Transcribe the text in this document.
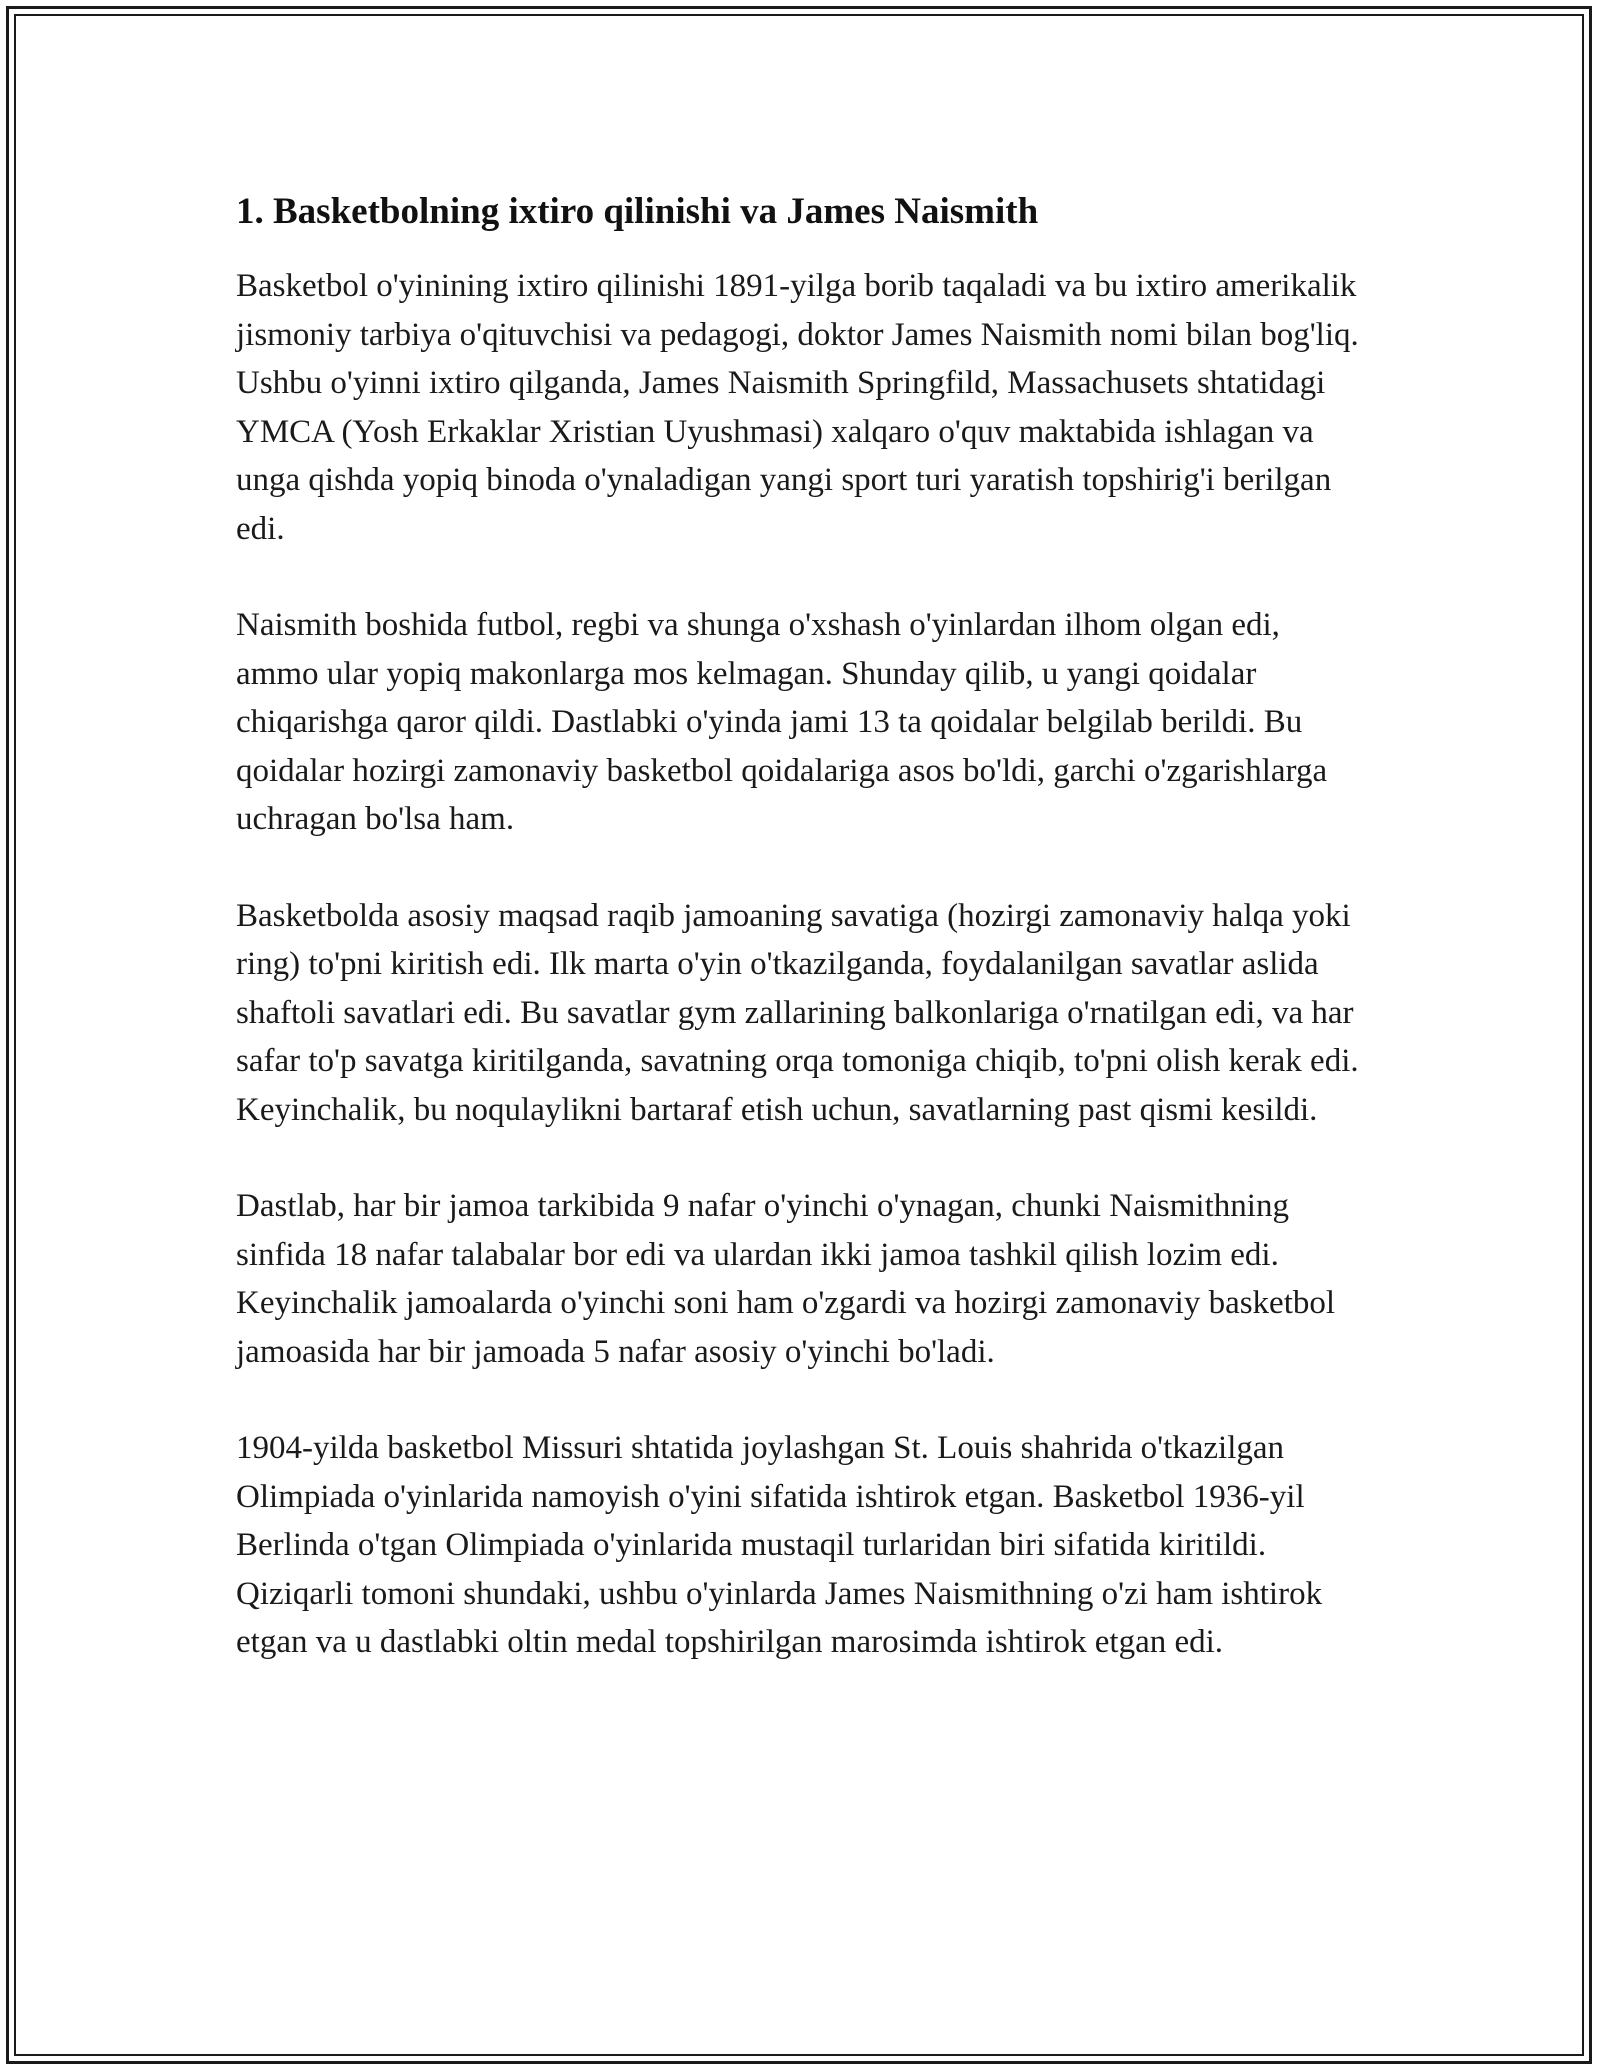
1. Basketbolning ixtiro qilinishi va James Naismith

Basketbol o'yinining ixtiro qilinishi 1891-yilga borib taqaladi va bu ixtiro amerikalik jismoniy tarbiya o'qituvchisi va pedagogi, doktor James Naismith nomi bilan bog'liq. Ushbu o'yinni ixtiro qilganda, James Naismith Springfild, Massachusets shtatidagi YMCA (Yosh Erkaklar Xristian Uyushmasi) xalqaro o'quv maktabida ishlagan va unga qishda yopiq binoda o'ynaladigan yangi sport turi yaratish topshirig'i berilgan edi.

Naismith boshida futbol, regbi va shunga o'xshash o'yinlardan ilhom olgan edi, ammo ular yopiq makonlarga mos kelmagan. Shunday qilib, u yangi qoidalar chiqarishga qaror qildi. Dastlabki o'yinda jami 13 ta qoidalar belgilab berildi. Bu qoidalar hozirgi zamonaviy basketbol qoidalariga asos bo'ldi, garchi o'zgarishlarga uchragan bo'lsa ham.

Basketbolda asosiy maqsad raqib jamoaning savatiga (hozirgi zamonaviy halqa yoki ring) to'pni kiritish edi. Ilk marta o'yin o'tkazilganda, foydalanilgan savatlar aslida shaftoli savatlari edi. Bu savatlar gym zallarining balkonlariga o'rnatilgan edi, va har safar to'p savatga kiritilganda, savatning orqa tomoniga chiqib, to'pni olish kerak edi. Keyinchalik, bu noqulaylikni bartaraf etish uchun, savatlarning past qismi kesildi.

Dastlab, har bir jamoa tarkibida 9 nafar o'yinchi o'ynagan, chunki Naismithning sinfida 18 nafar talabalar bor edi va ulardan ikki jamoa tashkil qilish lozim edi. Keyinchalik jamoalarda o'yinchi soni ham o'zgardi va hozirgi zamonaviy basketbol jamoasida har bir jamoada 5 nafar asosiy o'yinchi bo'ladi.

1904-yilda basketbol Missuri shtatida joylashgan St. Louis shahrida o'tkazilgan Olimpiada o'yinlarida namoyish o'yini sifatida ishtirok etgan. Basketbol 1936-yil Berlinda o'tgan Olimpiada o'yinlarida mustaqil turlaridan biri sifatida kiritildi. Qiziqarli tomoni shundaki, ushbu o'yinlarda James Naismithning o'zi ham ishtirok etgan va u dastlabki oltin medal topshirilgan marosimda ishtirok etgan edi.
